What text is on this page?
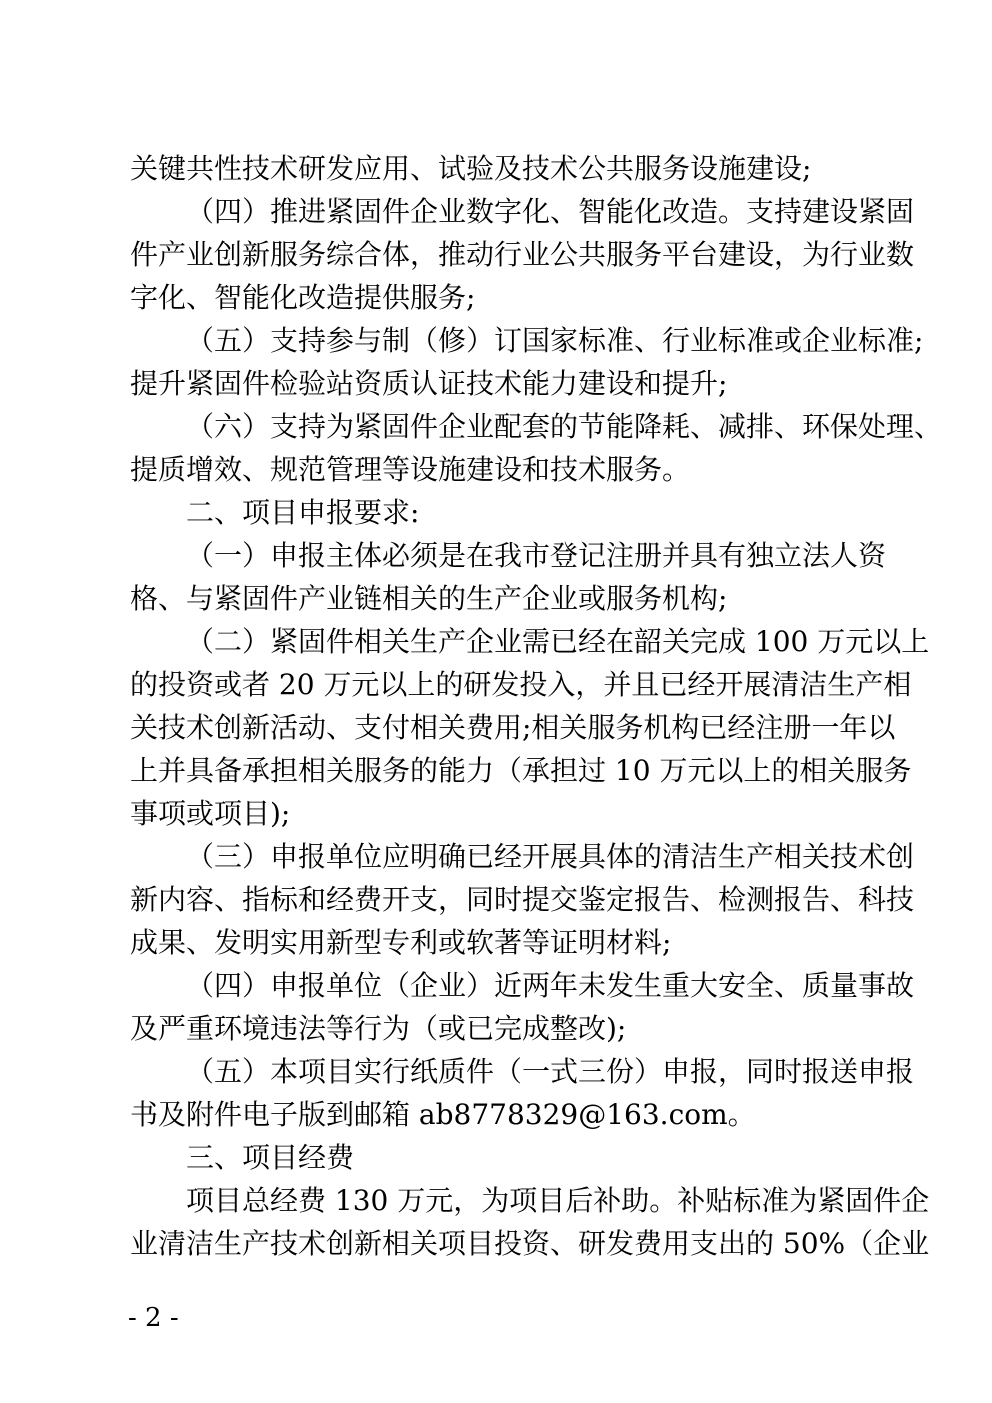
关键共性技术研发应用、试验及技术公共服务设施建设;
（四）推进紧固件企业数字化、智能化改造。支持建设紧固
件产业创新服务综合体，推动行业公共服务平台建设，为行业数
字化、智能化改造提供服务;
（五）支持参与制（修）订国家标准、行业标准或企业标准;
提升紧固件检验站资质认证技术能力建设和提升;
（六）支持为紧固件企业配套的节能降耗、减排、环保处理、
提质增效、规范管理等设施建设和技术服务。
二、项目申报要求:
（一）申报主体必须是在我市登记注册并具有独立法人资
格、与紧固件产业链相关的生产企业或服务机构;
（二）紧固件相关生产企业需已经在韶关完成 100 万元以上
的投资或者 20 万元以上的研发投入，并且已经开展清洁生产相
关技术创新活动、支付相关费用;相关服务机构已经注册一年以
上并具备承担相关服务的能力（承担过 10 万元以上的相关服务
事项或项目);
（三）申报单位应明确已经开展具体的清洁生产相关技术创
新内容、指标和经费开支，同时提交鉴定报告、检测报告、科技
成果、发明实用新型专利或软著等证明材料;
（四）申报单位（企业）近两年未发生重大安全、质量事故
及严重环境违法等行为（或已完成整改);
（五）本项目实行纸质件（一式三份）申报，同时报送申报
书及附件电子版到邮箱 ab8778329@163.com。
三、项目经费
项目总经费 130 万元，为项目后补助。补贴标准为紧固件企
业清洁生产技术创新相关项目投资、研发费用支出的 50%（企业
- 2 -
